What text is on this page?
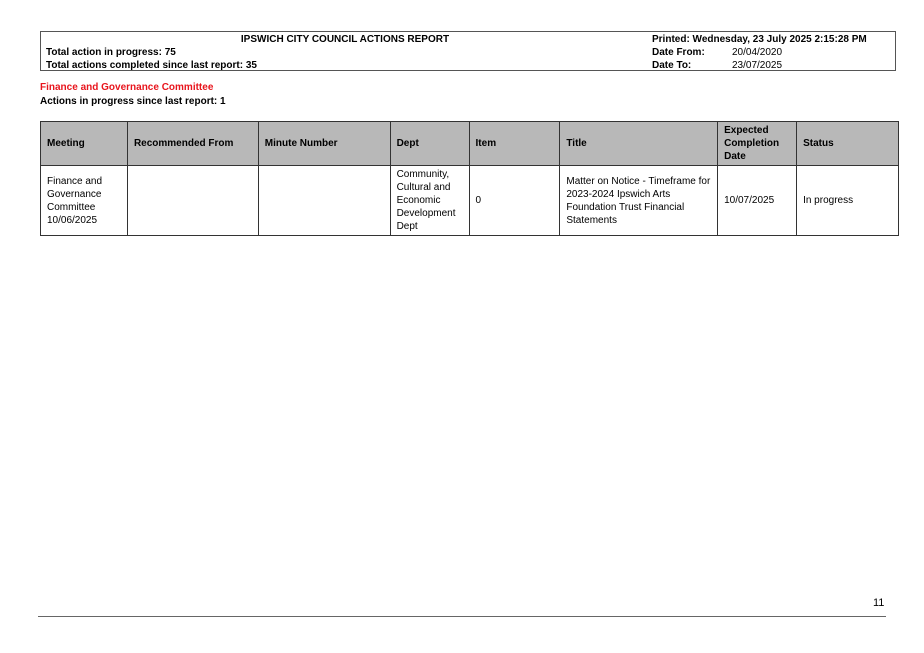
IPSWICH CITY COUNCIL ACTIONS REPORT
Total action in progress: 75
Total actions completed since last report: 35
Printed: Wednesday, 23 July 2025 2:15:28 PM
Date From:	20/04/2020
Date To:	23/07/2025
Finance and Governance Committee
Actions in progress since last report: 1
Meeting	Recommended From	Minute Number	Dept	Item	Title	Expected Completion Date	Status
Finance and Governance Committee 10/06/2025			Community, Cultural and Economic Development Dept	0	Matter on Notice - Timeframe for 2023-2024 Ipswich Arts Foundation Trust Financial Statements	10/07/2025	In progress
11
